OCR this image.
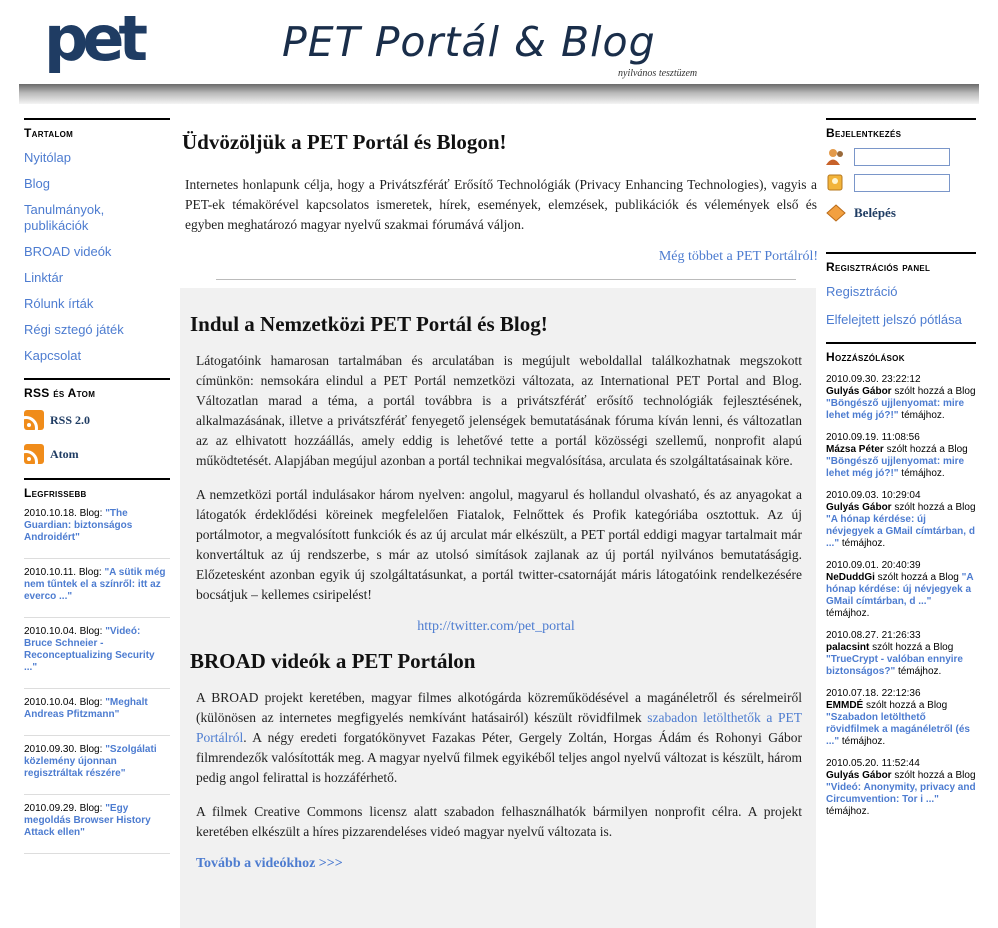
pet	PET Portál & Blog
nyilvános tesztüzem
Tartalom
Nyitólap
Blog
Tanulmányok, publikációk
BROAD videók
Linktár
Rólunk írták
Régi sztegó játék
Kapcsolat
RSS és Atom
RSS 2.0
Atom
Legfrissebb
2010.10.18. Blog: "The Guardian: biztonságos Androidért"
2010.10.11. Blog: "A sütik még nem tűntek el a színről: itt az everco ..."
2010.10.04. Blog: "Videó: Bruce Schneier - Reconceptualizing Security ..."
2010.10.04. Blog: "Meghalt Andreas Pfitzmann"
2010.09.30. Blog: "Szolgálati közlemény újonnan regisztráltak részére"
2010.09.29. Blog: "Egy megoldás Browser History Attack ellen"
Üdvözöljük a PET Portál és Blogon!
Internetes honlapunk célja, hogy a Privátszféráť Erősítő Technológiák (Privacy Enhancing Technologies), vagyis a PET-ek témakörével kapcsolatos ismeretek, hírek, események, elemzések, publikációk és vélemények első és egyben meghatározó magyar nyelvű szakmai fórumává váljon.
Még többet a PET Portálról!
Indul a Nemzetközi PET Portál és Blog!

Látogatóink hamarosan tartalmában és arculatában is megújult weboldallal találkozhatnak megszokott címünkön: nemsokára elindul a PET Portál nemzetközi változata, az International PET Portal and Blog. Változatlan marad a téma, a portál továbbra is a privátszféráť erősítő technológiák fejlesztésének, alkalmazásának, illetve a privátszféráť fenyegető jelenségek bemutatásának fóruma kíván lenni, és változatlan az az elhivatott hozzáállás, amely eddig is lehetővé tette a portál közösségi szellemű, nonprofit alapú működtetését. Alapjában megújul azonban a portál technikai megvalósítása, arculata és szolgáltatásainak köre.

A nemzetközi portál indulásakor három nyelven: angolul, magyarul és hollandul olvasható, és az anyagokat a látogatók érdeklődési köreinek megfelelően Fiatalok, Felnőttek és Profik kategóriába osztottuk. Az új portálmotor, a megvalósított funkciók és az új arculat már elkészült, a PET portál eddigi magyar tartalmait már konvertáltuk az új rendszerbe, s már az utolsó simítások zajlanak az új portál nyilvános bemutatáságig. Előzetesként azonban egyik új szolgáltatásunkat, a portál twitter-csatornáját máris látogatóink rendelkezésére bocsátjuk – kellemes csiripelést!

http://twitter.com/pet_portal
BROAD videók a PET Portálon

A BROAD projekt keretében, magyar filmes alkotógárda közreműködésével a magánéletről és sérelmeiről (különösen az internetes megfigyelés nemkívánt hatásairól) készült rövidfilmek szabadon letölthetők a PET Portálról. A négy eredeti forgatókönyvet Fazakas Péter, Gergely Zoltán, Horgas Ádám és Rohonyi Gábor filmrendezők valósították meg. A magyar nyelvű filmek egyikéből teljes angol nyelvű változat is készült, három pedig angol felirattal is hozzáférhető.

A filmek Creative Commons licensz alatt szabadon felhasználhatók bármilyen nonprofit célra. A projekt keretében elkészült a híres pizzarendeléses videó magyar nyelvű változata is.

Tovább a videókhoz >>>
Bejelentkezés
Belépés
Regisztrációs panel
Regisztráció
Elfelejtett jelszó pótlása
Hozzászólások
2010.09.30. 23:22:12
Gulyás Gábor szólt hozzá a Blog "Böngésző ujjlenyomat: mire lehet még jó?!" témájhoz.
2010.09.19. 11:08:56
Mázsa Péter szólt hozzá a Blog "Böngésző ujjlenyomat: mire lehet még jó?!" témájhoz.
2010.09.03. 10:29:04
Gulyás Gábor szólt hozzá a Blog "A hónap kérdése: új névjegyek a GMail címtárban, d ..." témájhoz.
2010.09.01. 20:40:39
NeDuddGi szólt hozzá a Blog "A hónap kérdése: új névjegyek a GMail címtárban, d ..." témájhoz.
2010.08.27. 21:26:33
palacsint szólt hozzá a Blog "TrueCrypt - valóban ennyire biztonságos?" témájhoz.
2010.07.18. 22:12:36
EMMDÉ szólt hozzá a Blog "Szabadon letölthető rövidfilmek a magánéletről (és ..." témájhoz.
2010.05.20. 11:52:44
Gulyás Gábor szólt hozzá a Blog "Videó: Anonymity, privacy and Circumvention: Tor i ..." témájhoz.
